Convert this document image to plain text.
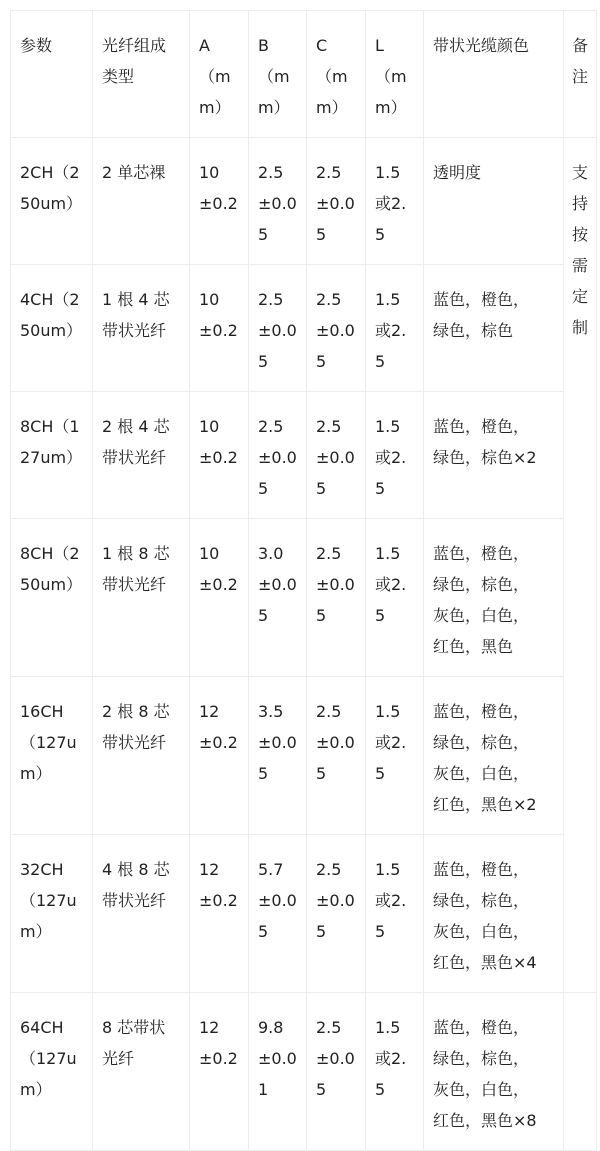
参数	光纤组成类型	A（mm）	B（mm）	C（mm）	L（mm）	带状光缆颜色	备注
2CH（250um）	2 单芯裸	10±0.2	2.5±0.05	2.5±0.05	1.5或2.5	透明度	支持按需定制
4CH（250um）	1 根 4 芯带状光纤	10±0.2	2.5±0.05	2.5±0.05	1.5或2.5	蓝色，橙色，
绿色，棕色	
8CH（127um）	2 根 4 芯带状光纤	10±0.2	2.5±0.05	2.5±0.05	1.5或2.5	蓝色，橙色，
绿色，棕色×2	
8CH（250um）	1 根 8 芯带状光纤	10±0.2	3.0±0.05	2.5±0.05	1.5或2.5	蓝色，橙色，
绿色，棕色，
灰色，白色，
红色，黑色	
16CH（127um）	2 根 8 芯带状光纤	12±0.2	3.5±0.05	2.5±0.05	1.5或2.5	蓝色，橙色，
绿色，棕色，
灰色，白色，
红色，黑色×2	
32CH（127um）	4 根 8 芯带状光纤	12±0.2	5.7±0.05	2.5±0.05	1.5或2.5	蓝色，橙色，
绿色，棕色，
灰色，白色，
红色，黑色×4	
64CH（127um）	8 芯带状光纤	12±0.2	9.8±0.01	2.5±0.05	1.5或2.5	蓝色，橙色，
绿色，棕色，
灰色，白色，
红色，黑色×8	
